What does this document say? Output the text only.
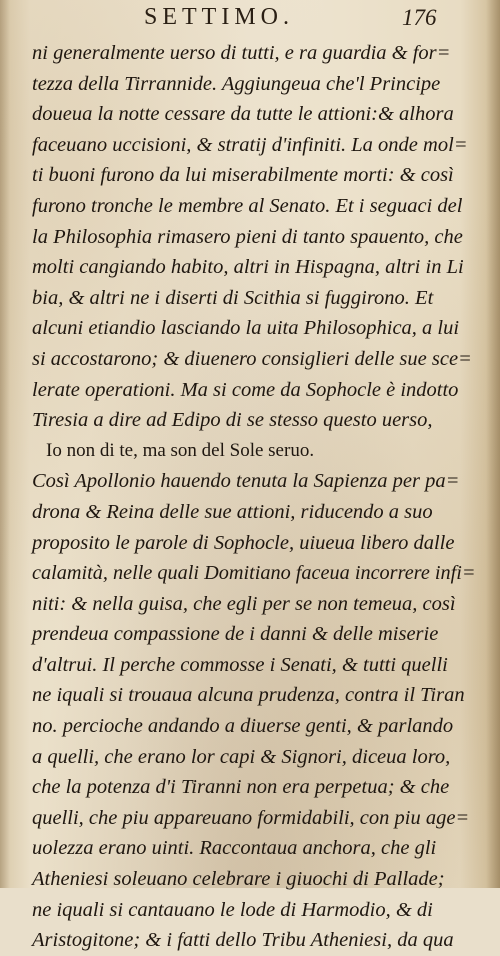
SETTIMO.	176
ni generalmente uerso di tutti, e ra guardia & for=
tezza della Tirrannide. Aggiungeua che'l Principe
doueua la notte cessare da tutte le attioni:& alhora
faceuano uccisioni, & stratij d'infiniti. La onde mol=
ti buoni furono da lui miserabilmente morti: & così
furono tronche le membre al Senato. Et i seguaci del
la Philosophia rimasero pieni di tanto spauento, che
molti cangiando habito, altri in Hispagna, altri in Li
bia, & altri ne i diserti di Scithia si fuggirono. Et
alcuni etiandio lasciando la uita Philosophica, a lui
si accostarono; & diuenero consiglieri delle sue sce=
lerate operationi. Ma si come da Sophocle è indotto
Tiresia a dire ad Edipo di se stesso questo uerso,
Io non di te, ma son del Sole seruo.
Così Apollonio hauendo tenuta la Sapienza per pa=
drona & Reina delle sue attioni, riducendo a suo
proposito le parole di Sophocle, uiueua libero dalle
calamità, nelle quali Domitiano faceua incorrere infi=
niti: & nella guisa, che egli per se non temeua, così
prendeua compassione de i danni & delle miserie
d'altrui. Il perche commosse i Senati, & tutti quelli
ne iquali si trouaua alcuna prudenza, contra il Tiran
no. percioche andando a diuerse genti, & parlando
a quelli, che erano lor capi & Signori, diceua loro,
che la potenza d'i Tiranni non era perpetua; & che
quelli, che piu appareuano formidabili, con piu age=
uolezza erano uinti. Raccontaua anchora, che gli
Atheniesi soleuano celebrare i giuochi di Pallade;
ne iquali si cantauano le lode di Harmodio, & di
Aristogitone; & i fatti dello Tribu Atheniesi, da qua
